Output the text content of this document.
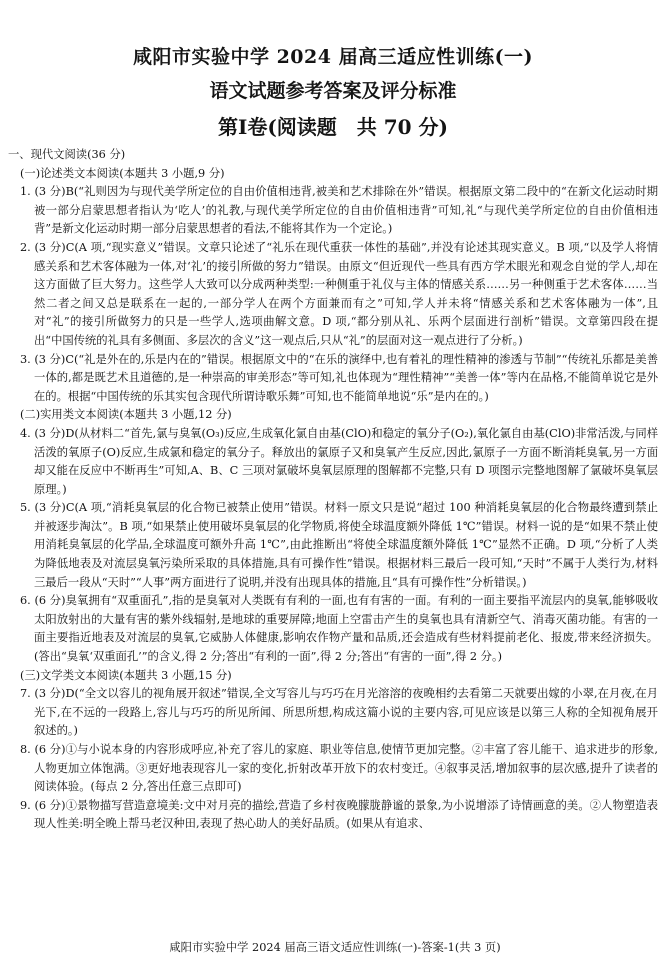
咸阳市实验中学 2024 届高三适应性训练(一)
语文试题参考答案及评分标准
第Ⅰ卷(阅读题　共 70 分)

一、现代文阅读(36 分)

(一)论述类文本阅读(本题共 3 小题,9 分)

1. (3 分)B(“礼则因为与现代美学所定位的自由价值相违背,被美和艺术排除在外”错误。根据原文第二段中的“在新文化运动时期被一部分启蒙思想者指认为‘吃人’的礼教,与现代美学所定位的自由价值相违背”可知,礼“与现代美学所定位的自由价值相违背”是新文化运动时期一部分启蒙思想者的看法,不能将其作为一个定论。)

2. (3 分)C(A 项,“现实意义”错误。文章只论述了“礼乐在现代重获一体性的基础”,并没有论述其现实意义。B 项,“以及学人将情感关系和艺术客体融为一体,对‘礼’的接引所做的努力”错误。由原文“但近现代一些具有西方学术眼光和观念自觉的学人,却在这方面做了巨大努力。这些学人大致可以分成两种类型:一种侧重于礼仪与主体的情感关系……另一种侧重于艺术客体……当然二者之间又总是联系在一起的,一部分学人在两个方面兼而有之”可知,学人并未将“情感关系和艺术客体融为一体”,且对“礼”的接引所做努力的只是一些学人,选项曲解文意。D 项,“都分别从礼、乐两个层面进行剖析”错误。文章第四段在提出“中国传统的礼具有多侧面、多层次的含义”这一观点后,只从“礼”的层面对这一观点进行了分析。)

3. (3 分)C(“礼是外在的,乐是内在的”错误。根据原文中的“在乐的演绎中,也有着礼的理性精神的渗透与节制”“传统礼乐都是美善一体的,都是既艺术且道德的,是一种崇高的审美形态”等可知,礼也体现为“理性精神”“美善一体”等内在品格,不能简单说它是外在的。根据“中国传统的乐其实包含现代所谓诗歌乐舞”可知,也不能简单地说“乐”是内在的。)

(二)实用类文本阅读(本题共 3 小题,12 分)

4. (3 分)D(从材料二“首先,氯与臭氧(O₃)反应,生成氧化氯自由基(ClO)和稳定的氧分子(O₂),氧化氯自由基(ClO)非常活泼,与同样活泼的氧原子(O)反应,生成氯和稳定的氧分子。释放出的氯原子又和臭氧产生反应,因此,氯原子一方面不断消耗臭氧,另一方面却又能在反应中不断再生”可知,A、B、C 三项对氯破坏臭氧层原理的图解都不完整,只有 D 项图示完整地图解了氯破坏臭氧层原理。)

5. (3 分)C(A 项,“消耗臭氧层的化合物已被禁止使用”错误。材料一原文只是说“超过 100 种消耗臭氧层的化合物最终遭到禁止并被逐步淘汰”。B 项,“如果禁止使用破坏臭氧层的化学物质,将使全球温度额外降低 1℃”错误。材料一说的是“如果不禁止使用消耗臭氧层的化学品,全球温度可额外升高 1℃”,由此推断出“将使全球温度额外降低 1℃”显然不正确。D 项,“分析了人类为降低地表及对流层臭氧污染所采取的具体措施,具有可操作性”错误。根据材料三最后一段可知,“天时”不属于人类行为,材料三最后一段从“天时”“人事”两方面进行了说明,并没有出现具体的措施,且“具有可操作性”分析错误。)

6. (6 分)臭氧拥有“双重面孔”,指的是臭氧对人类既有有利的一面,也有有害的一面。有利的一面主要指平流层内的臭氧,能够吸收太阳放射出的大量有害的紫外线辐射,是地球的重要屏障;地面上空雷击产生的臭氧也具有清新空气、消毒灭菌功能。有害的一面主要指近地表及对流层的臭氧,它威胁人体健康,影响农作物产量和品质,还会造成有些材料提前老化、报废,带来经济损失。(答出“臭氧‘双重面孔’”的含义,得 2 分;答出“有利的一面”,得 2 分;答出“有害的一面”,得 2 分。)

(三)文学类文本阅读(本题共 3 小题,15 分)

7. (3 分)D(“全文以容儿的视角展开叙述”错误,全文写容儿与巧巧在月光溶溶的夜晚相约去看第二天就要出嫁的小翠,在月夜,在月光下,在不远的一段路上,容儿与巧巧的所见所闻、所思所想,构成这篇小说的主要内容,可见应该是以第三人称的全知视角展开叙述的。)

8. (6 分)①与小说本身的内容形成呼应,补充了容儿的家庭、职业等信息,使情节更加完整。②丰富了容儿能干、追求进步的形象,人物更加立体饱满。③更好地表现容儿一家的变化,折射改革开放下的农村变迁。④叙事灵活,增加叙事的层次感,提升了读者的阅读体验。(每点 2 分,答出任意三点即可)

9. (6 分)①景物描写营造意境美:文中对月亮的描绘,营造了乡村夜晚朦胧静谧的景象,为小说增添了诗情画意的美。②人物塑造表现人性美:明全晚上帮马老汉种田,表现了热心助人的美好品质。(如果从有追求、

咸阳市实验中学 2024 届高三语文适应性训练(一)-答案-1(共 3 页)
